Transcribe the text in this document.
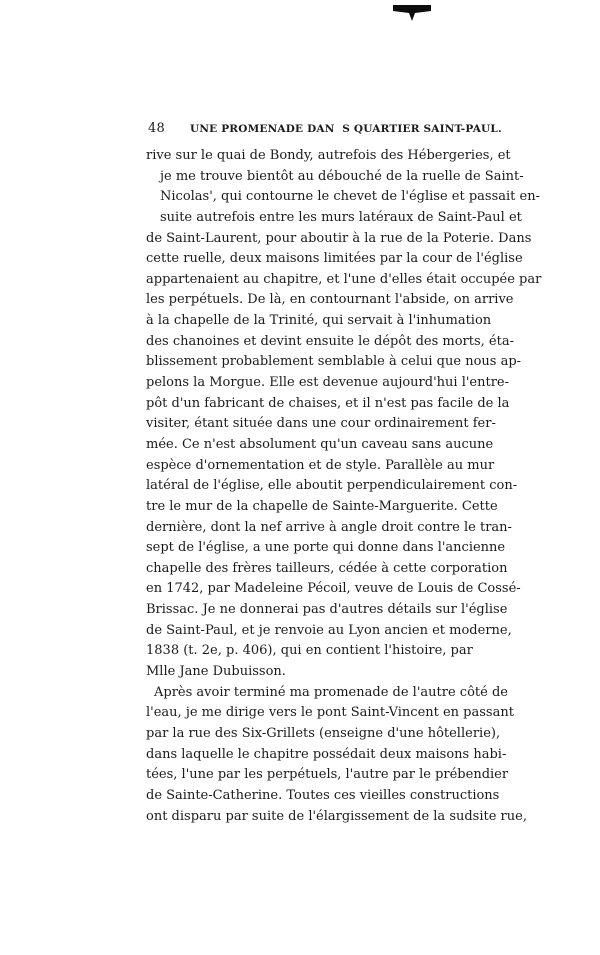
48 UNE PROMENADE DAN  S QUARTIER SAINT-PAUL.
rive sur le quai de Bondy, autrefois des Hébergeries, et
je me trouve bientôt au débouché de la ruelle de Saint-
Nicolas', qui contourne le chevet de l'église et passait en-
suite autrefois entre les murs latéraux de Saint-Paul et
de Saint-Laurent, pour aboutir à la rue de la Poterie. Dans
cette ruelle, deux maisons limitées par la cour de l'église
appartenaient au chapitre, et l'une d'elles était occupée par
les perpétuels. De là, en contournant l'abside, on arrive
à la chapelle de la Trinité, qui servait à l'inhumation
des chanoines et devint ensuite le dépôt des morts, éta-
blissement probablement semblable à celui que nous ap-
pelons la Morgue. Elle est devenue aujourd'hui l'entre-
pôt d'un fabricant de chaises, et il n'est pas facile de la
visiter, étant située dans une cour ordinairement fer-
mée. Ce n'est absolument qu'un caveau sans aucune
espèce d'ornementation et de style. Parallèle au mur
latéral de l'église, elle aboutit perpendiculairement con-
tre le mur de la chapelle de Sainte-Marguerite. Cette
dernière, dont la nef arrive à angle droit contre le tran-
sept de l'église, a une porte qui donne dans l'ancienne
chapelle des frères tailleurs, cédée à cette corporation
en 1742, par Madeleine Pécoil, veuve de Louis de Cossé-
Brissac. Je ne donnerai pas d'autres détails sur l'église
de Saint-Paul, et je renvoie au Lyon ancien et moderne,
1838 (t. 2e, p. 406), qui en contient l'histoire, par
Mlle Jane Dubuisson.
Après avoir terminé ma promenade de l'autre côté de
l'eau, je me dirige vers le pont Saint-Vincent en passant
par la rue des Six-Grillets (enseigne d'une hôtellerie),
dans laquelle le chapitre possédait deux maisons habi-
tées, l'une par les perpétuels, l'autre par le prébendier
de Sainte-Catherine. Toutes ces vieilles constructions
ont disparu par suite de l'élargissement de la sudsite rue,
